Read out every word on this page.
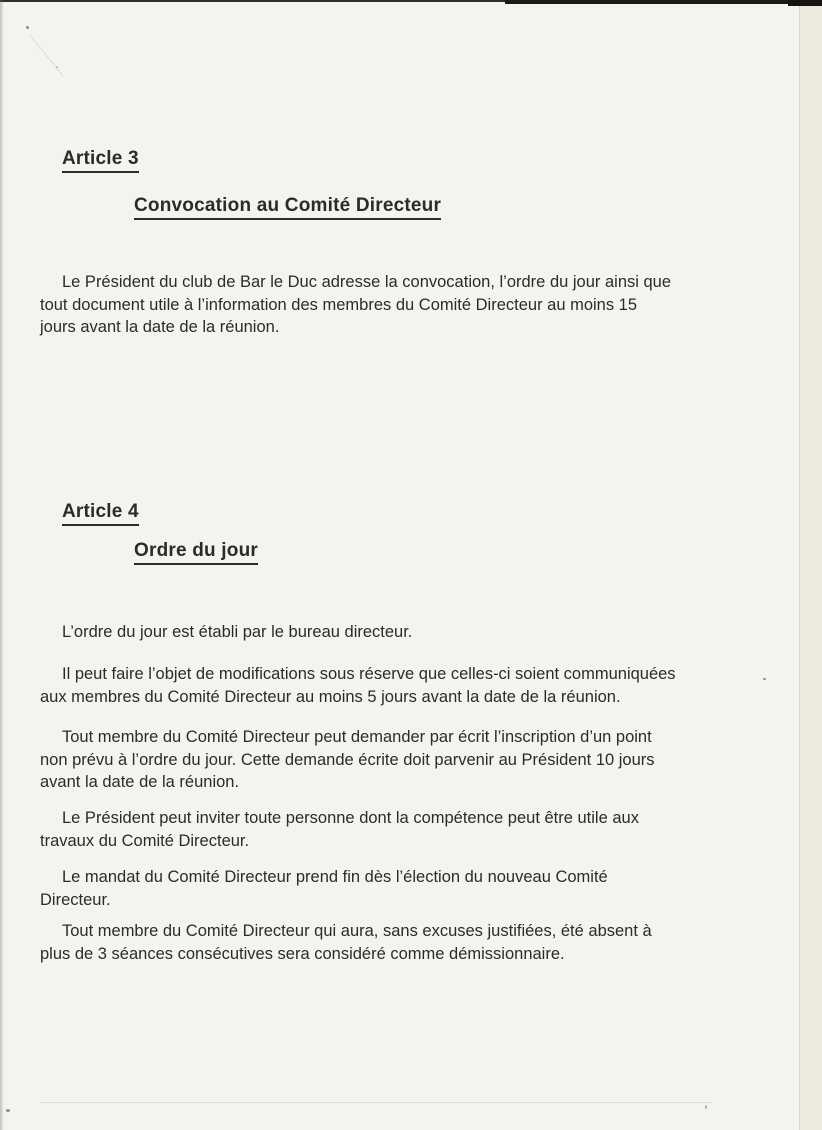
Article 3
Convocation au Comité Directeur
Le Président du club de Bar le Duc adresse la convocation, l’ordre du jour ainsi que
tout document utile à l’information des membres du Comité Directeur au moins 15
jours avant la date de la réunion.
Article 4
Ordre du jour
L’ordre du jour est établi par le bureau directeur.
Il peut faire l’objet de modifications sous réserve que celles-ci soient communiquées
aux membres du Comité Directeur au moins 5 jours avant la date de la réunion.
Tout membre du Comité Directeur peut demander par écrit l’inscription d’un point
non prévu à l’ordre du jour. Cette demande écrite doit parvenir au Président 10 jours
avant la date de la réunion.
Le Président peut inviter toute personne dont la compétence peut être utile aux
travaux du Comité Directeur.
Le mandat du Comité Directeur prend fin dès l’élection du nouveau Comité
Directeur.
Tout membre du Comité Directeur qui aura, sans excuses justifiées, été absent à
plus de 3 séances consécutives sera considéré comme démissionnaire.
